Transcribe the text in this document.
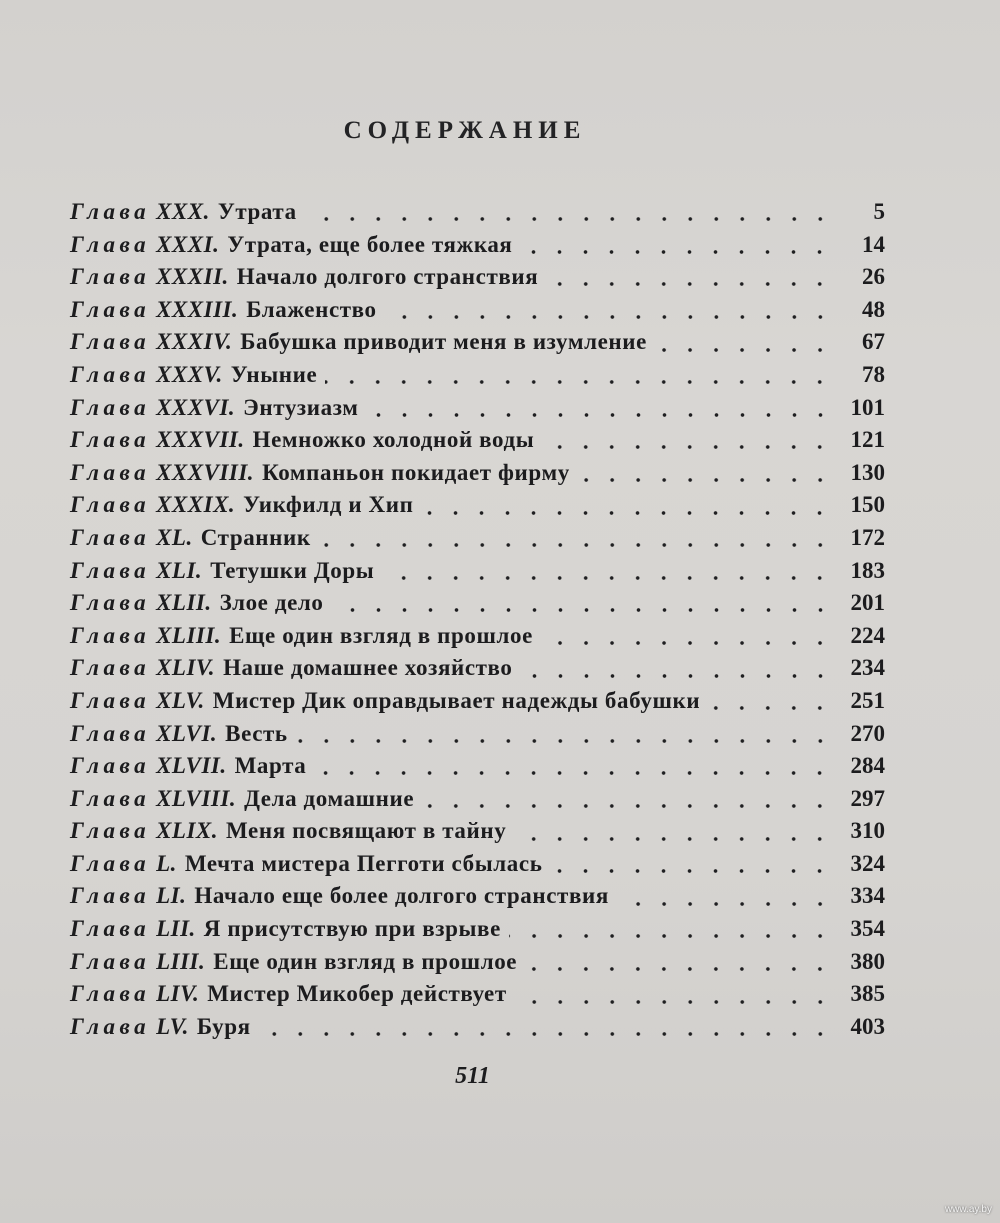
СОДЕРЖАНИЕ
Глава XXX. Утрата	5
Глава XXXI. Утрата, еще более тяжкая	14
Глава XXXII. Начало долгого странствия	26
Глава XXXIII. Блаженство	48
Глава XXXIV. Бабушка приводит меня в изумление	67
Глава XXXV. Уныние	78
Глава XXXVI. Энтузиазм	101
Глава XXXVII. Немножко холодной воды	121
Глава XXXVIII. Компаньон покидает фирму	130
Глава XXXIX. Уикфилд и Хип	150
Глава XL. Странник	172
Глава XLI. Тетушки Доры	183
Глава XLII. Злое дело	201
Глава XLIII. Еще один взгляд в прошлое	224
Глава XLIV. Наше домашнее хозяйство	234
Глава XLV. Мистер Дик оправдывает надежды бабушки	251
Глава XLVI. Весть	270
Глава XLVII. Марта	284
Глава XLVIII. Дела домашние	297
Глава XLIX. Меня посвящают в тайну	310
Глава L. Мечта мистера Пегготи сбылась	324
Глава LI. Начало еще более долгого странствия	334
Глава LII. Я присутствую при взрыве	354
Глава LIII. Еще один взгляд в прошлое	380
Глава LIV. Мистер Микобер действует	385
Глава LV. Буря	403
511
www.ay.by
